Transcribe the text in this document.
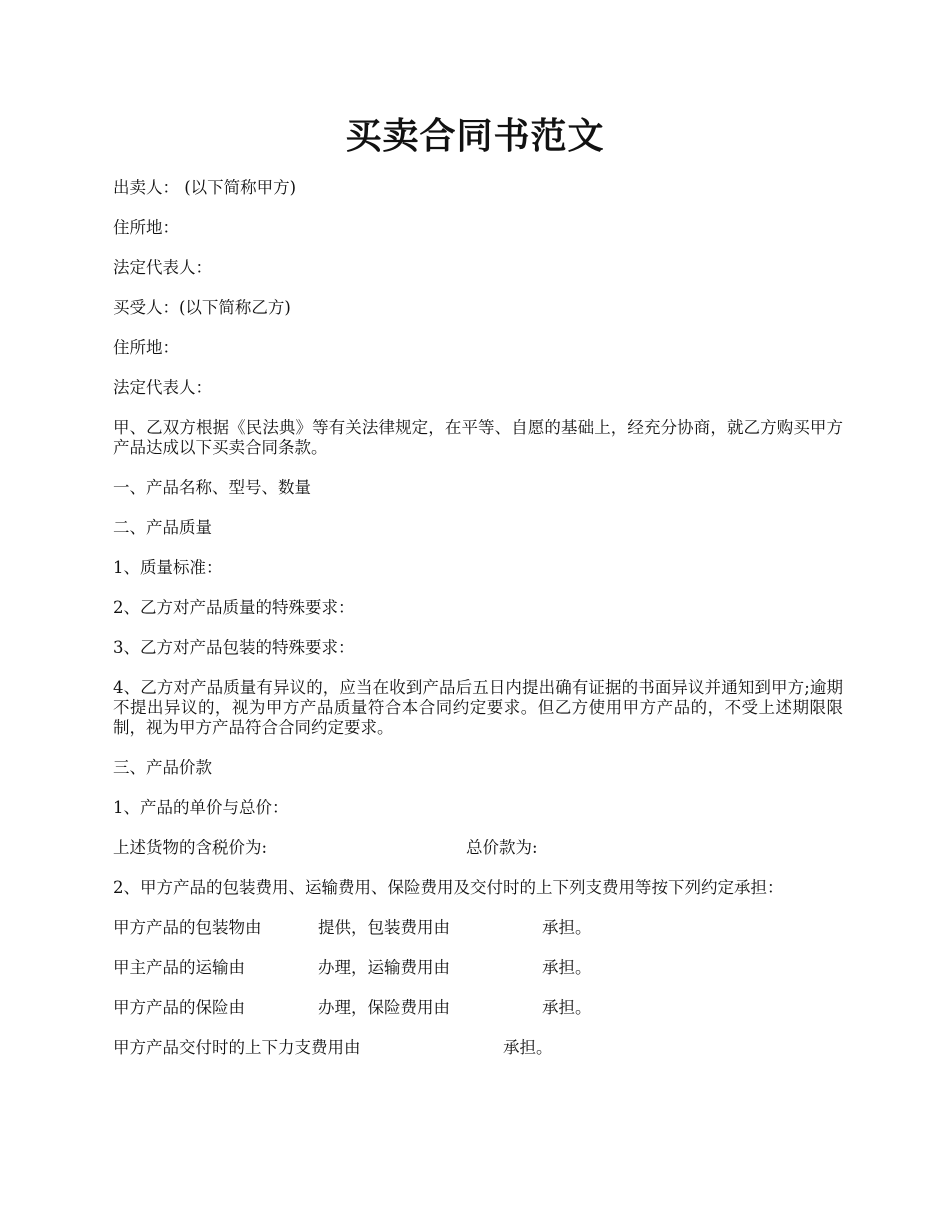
买卖合同书范文
出卖人： (以下简称甲方)
住所地：
法定代表人：
买受人：(以下简称乙方)
住所地：
法定代表人：
甲、乙双方根据《民法典》等有关法律规定，在平等、自愿的基础上，经充分协商，就乙方购买甲方产品达成以下买卖合同条款。
一、产品名称、型号、数量
二、产品质量
1、质量标准：
2、乙方对产品质量的特殊要求：
3、乙方对产品包装的特殊要求：
4、乙方对产品质量有异议的，应当在收到产品后五日内提出确有证据的书面异议并通知到甲方;逾期不提出异议的，视为甲方产品质量符合本合同约定要求。但乙方使用甲方产品的，不受上述期限限制，视为甲方产品符合合同约定要求。
三、产品价款
1、产品的单价与总价：
上述货物的含税价为:	总价款为:
2、甲方产品的包装费用、运输费用、保险费用及交付时的上下列支费用等按下列约定承担：
甲方产品的包装物由	提供，包装费用由	承担。
甲主产品的运输由	办理，运输费用由	承担。
甲方产品的保险由	办理，保险费用由	承担。
甲方产品交付时的上下力支费用由	承担。
